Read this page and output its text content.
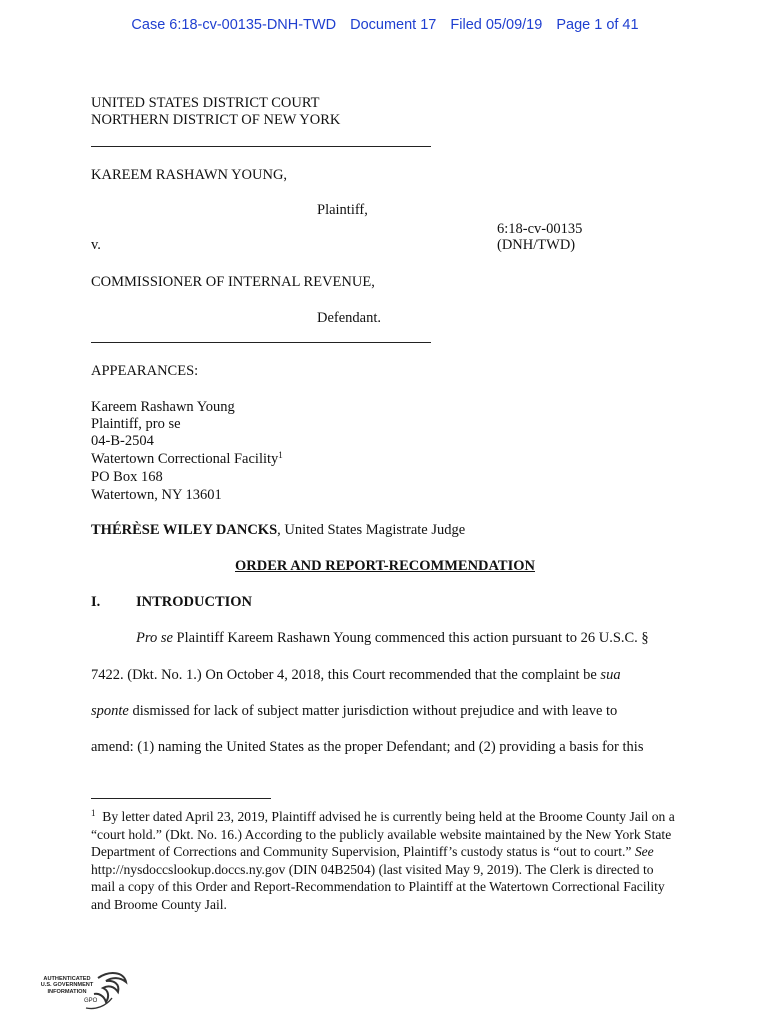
Case 6:18-cv-00135-DNH-TWD Document 17 Filed 05/09/19 Page 1 of 41
UNITED STATES DISTRICT COURT
NORTHERN DISTRICT OF NEW YORK
KAREEM RASHAWN YOUNG,
Plaintiff,
6:18-cv-00135
v.	(DNH/TWD)
COMMISSIONER OF INTERNAL REVENUE,
Defendant.
APPEARANCES:
Kareem Rashawn Young
Plaintiff, pro se
04-B-2504
Watertown Correctional Facility$^1$
PO Box 168
Watertown, NY 13601
THÉRÈSE WILEY DANCKS, United States Magistrate Judge
ORDER AND REPORT-RECOMMENDATION
I. INTRODUCTION
Pro se Plaintiff Kareem Rashawn Young commenced this action pursuant to 26 U.S.C. §
7422. (Dkt. No. 1.) On October 4, 2018, this Court recommended that the complaint be sua
sponte dismissed for lack of subject matter jurisdiction without prejudice and with leave to
amend: (1) naming the United States as the proper Defendant; and (2) providing a basis for this
$^1$ By letter dated April 23, 2019, Plaintiff advised he is currently being held at the Broome County Jail on a “court hold.” (Dkt. No. 16.) According to the publicly available website maintained by the New York State Department of Corrections and Community Supervision, Plaintiff’s custody status is “out to court.” See http://nysdoccslookup.doccs.ny.gov (DIN 04B2504) (last visited May 9, 2019). The Clerk is directed to mail a copy of this Order and Report-Recommendation to Plaintiff at the Watertown Correctional Facility and Broome County Jail.
AUTHENTICATED
U.S. GOVERNMENT
INFORMATION
GPO
